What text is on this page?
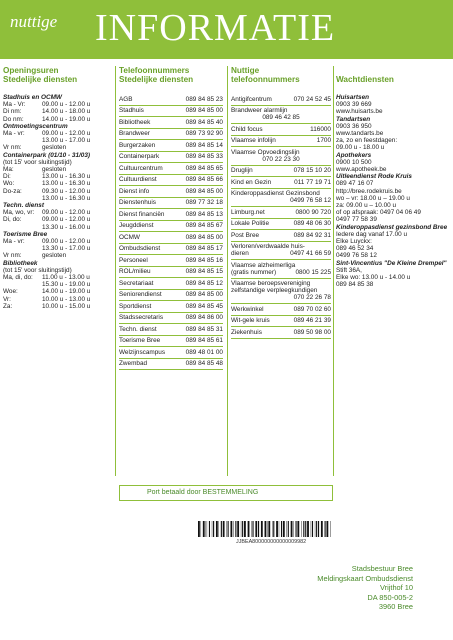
nuttige INFORMATIE
Openingsuren
Stedelijke diensten
Stadhuis en OCMW
Ma - Vr:	09.00 u - 12.00 u
Di nm:	14.00 u - 18.00 u
Do nm:	14.00 u - 19.00 u
Ontmoetingscentrum
Ma - vr:	09.00 u - 12.00 u
13.00 u - 17.00 u
Vr nm:	gesloten
Containerpark (01/10 - 31/03)
(tot 15' voor sluitingstijd)
Ma:	gesloten
Di:	13.00 u - 16.30 u
Wo:	13.00 u - 16.30 u
Do-za:	09.30 u - 12.00 u
13.00 u - 16.30 u
Techn. dienst
Ma, wo, vr:	09.00 u - 12.00 u
Di, do:	09.00 u - 12.00 u
13.30 u - 16.00 u
Toerisme Bree
Ma - vr:	09.00 u - 12.00 u
13.30 u - 17.00 u
Vr nm:	gesloten
Bibliotheek
(tot 15' voor sluitingstijd)
Ma, di, do:	11.00 u - 13.00 u
15.30 u - 19.00 u
Woe:	14.00 u - 19.00 u
Vr:	10.00 u - 13.00 u
Za:	10.00 u - 15.00 u
Telefoonnummers
Stedelijke diensten
AGB	089 84 85 23
Stadhuis	089 84 85 00
Bibliotheek	089 84 85 40
Brandweer	089 73 92 90
Burgerzaken	089 84 85 14
Containerpark	089 84 85 33
Cultuurcentrum	089 84 85 65
Cultuurdienst	089 84 85 66
Dienst info	089 84 85 00
Dienstenhuis	089 77 32 18
Dienst financiën	089 84 85 13
Jeugddienst	089 84 85 67
OCMW	089 84 85 00
Ombudsdienst	089 84 85 17
Personeel	089 84 85 16
ROL/milieu	089 84 85 15
Secretariaat	089 84 85 12
Seniorendienst	089 84 85 00
Sportdienst	089 84 85 45
Stadssecretaris	089 84 86 00
Techn. dienst	089 84 85 31
Toerisme Bree	089 84 85 61
Welzijnscampus	089 48 01 00
Zwembad	089 84 85 48
Nuttige
telefoonnummers
Antigifcentrum	070 24 52 45
Brandweer alarmlijn
089 46 42 85
Child focus	116000
Vlaamse infolijn	1700
Vlaamse Opvoedingslijn
070 22 23 30
Druglijn	078 15 10 20
Kind en Gezin	011 77 19 71
Kinderoppasdienst Gezinsbond
0499 76 58 12
Limburg.net	0800 90 720
Lokale Politie	089 48 06 30
Post Bree	089 84 92 31
Verloren/verdwaalde huis-
dieren	0497 41 66 59
Vlaamse alzheimerliga
(gratis nummer)	0800 15 225
Vlaamse beroepsvereniging zelfstandige verpleegkundigen
070 22 26 78
Werkwinkel	089 70 02 60
Wit-gele kruis	089 46 21 39
Ziekenhuis	089 50 98 00

Wachtdiensten
Huisartsen
0903 39 669
www.huisarts.be
Tandartsen
0903 36 950
www.tandarts.be
za, zo en feestdagen:
09.00 u - 18.00 u
Apothekers
0900 10 500
www.apotheek.be
Uitleendienst Rode Kruis
089 47 16 07
http://bree.rodekruis.be
wo – vr: 18.00 u – 19.00 u
za: 09.00 u – 10.00 u
of op afspraak: 0497 04 06 49
0497 77 58 39
Kinderoppasdienst gezinsbond Bree
Iedere dag vanaf 17.00 u
Elke Luyckx:
089 46 52 34
0499 76 58 12
Sint-Vincentius "De Kleine Drempel"
Stift 36A,
Elke wo: 13.00 u - 14.00 u
089 84 85 38
Port betaald door BESTEMMELING
JJBEA800000000000009982
Stadsbestuur Bree
Meldingskaart Ombudsdienst
Vrijthof 10
DA 850-005-2
3960 Bree
